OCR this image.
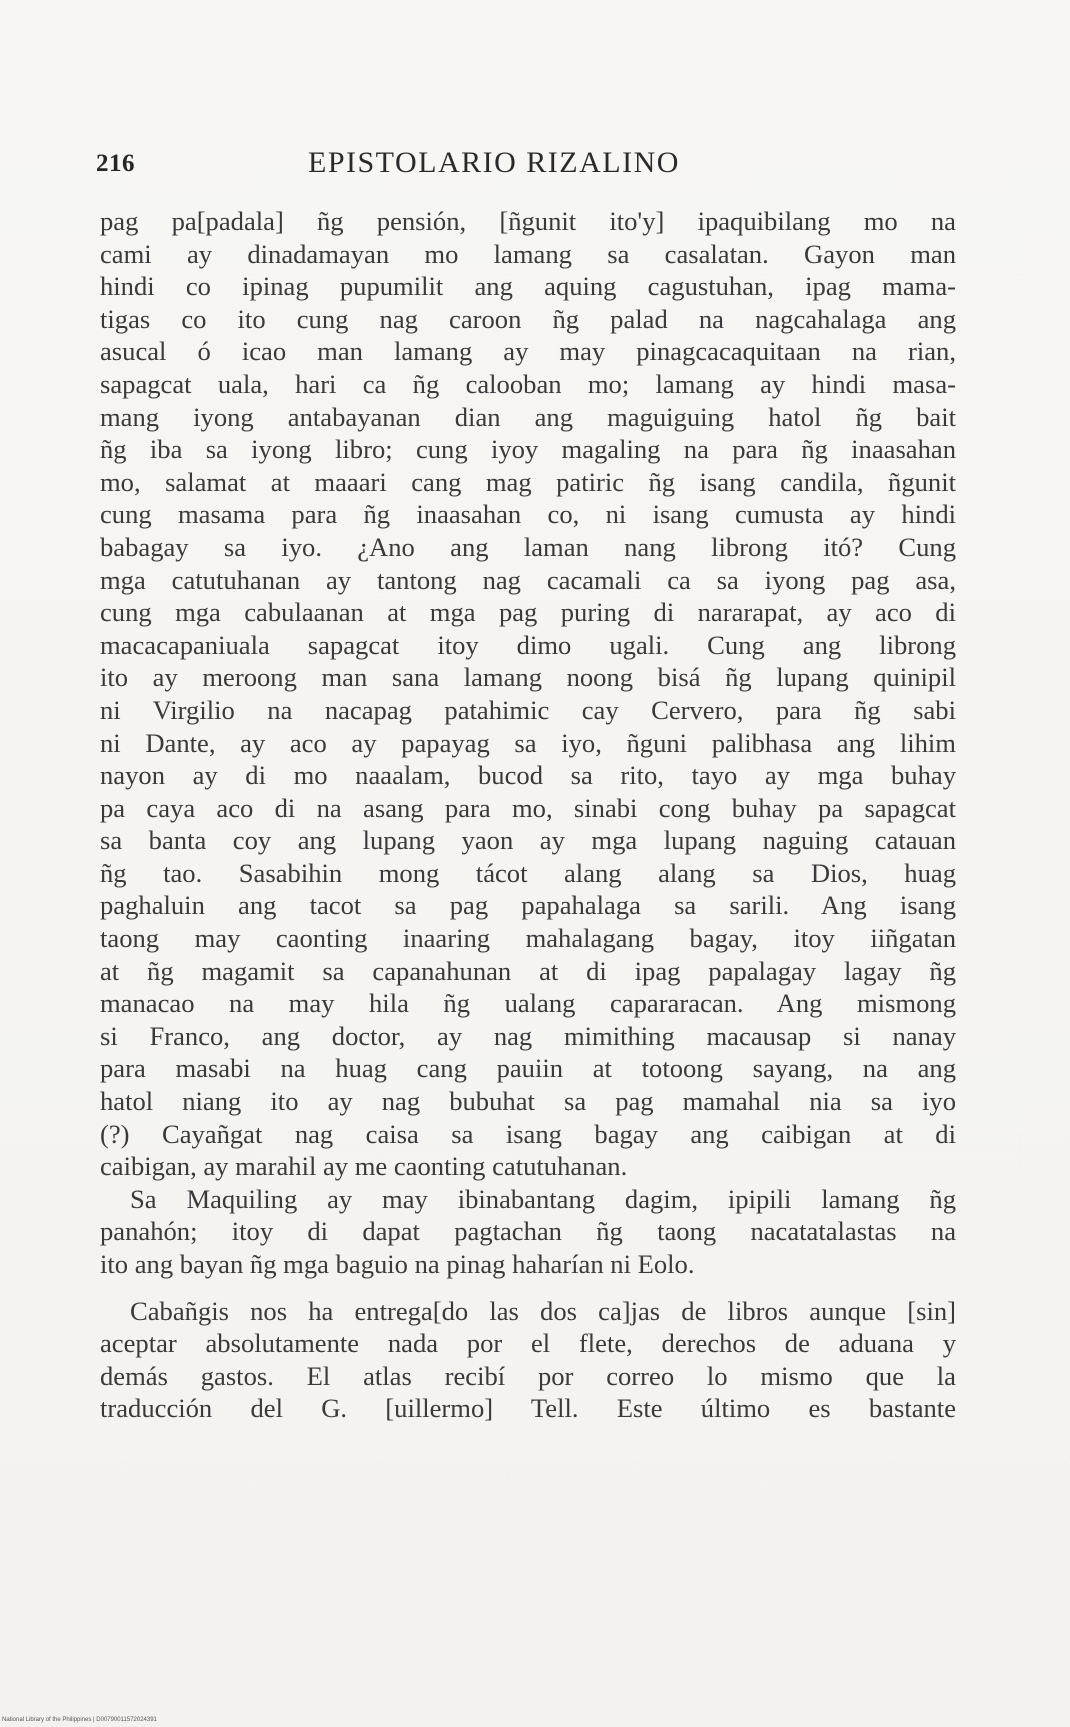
216	EPISTOLARIO RIZALINO
pag pa[padala] ñg pensión, [ñgunit ito'y] ipaquibilang mo na
cami ay dinadamayan mo lamang sa casalatan. Gayon man
hindi co ipinag pupumilit ang aquing cagustuhan, ipag mama-
tigas co ito cung nag caroon ñg palad na nagcahalaga ang
asucal ó icao man lamang ay may pinagcacaquitaan na rian,
sapagcat uala, hari ca ñg calooban mo; lamang ay hindi masa-
mang iyong antabayanan dian ang maguiguing hatol ñg bait
ñg iba sa iyong libro; cung iyoy magaling na para ñg inaasahan
mo, salamat at maaari cang mag patiric ñg isang candila, ñgunit
cung masama para ñg inaasahan co, ni isang cumusta ay hindi
babagay sa iyo. ¿Ano ang laman nang librong itó? Cung
mga catutuhanan ay tantong nag cacamali ca sa iyong pag asa,
cung mga cabulaanan at mga pag puring di nararapat, ay aco di
macacapaniuala sapagcat itoy dimo ugali. Cung ang librong
ito ay meroong man sana lamang noong bisá ñg lupang quinipil
ni Virgilio na nacapag patahimic cay Cervero, para ñg sabi
ni Dante, ay aco ay papayag sa iyo, ñguni palibhasa ang lihim
nayon ay di mo naaalam, bucod sa rito, tayo ay mga buhay
pa caya aco di na asang para mo, sinabi cong buhay pa sapagcat
sa banta coy ang lupang yaon ay mga lupang naguing catauan
ñg tao. Sasabihin mong tácot alang alang sa Dios, huag
paghaluin ang tacot sa pag papahalaga sa sarili. Ang isang
taong may caonting inaaring mahalagang bagay, itoy iiñgatan
at ñg magamit sa capanahunan at di ipag papalagay lagay ñg
manacao na may hila ñg ualang capararacan. Ang mismong
si Franco, ang doctor, ay nag mimithing macausap si nanay
para masabi na huag cang pauiin at totoong sayang, na ang
hatol niang ito ay nag bubuhat sa pag mamahal nia sa iyo
(?) Cayañgat nag caisa sa isang bagay ang caibigan at di
caibigan, ay marahil ay me caonting catutuhanan.
Sa Maquiling ay may ibinabantang dagim, ipipili lamang ñg
panahón; itoy di dapat pagtachan ñg taong nacatatalastas na
ito ang bayan ñg mga baguio na pinag haharían ni Eolo.
Cabañgis nos ha entrega[do las dos ca]jas de libros aunque [sin]
aceptar absolutamente nada por el flete, derechos de aduana y
demás gastos. El atlas recibí por correo lo mismo que la
traducción del G. [uillermo] Tell. Este último es bastante
National Library of the Philippines | D00790011572024391
